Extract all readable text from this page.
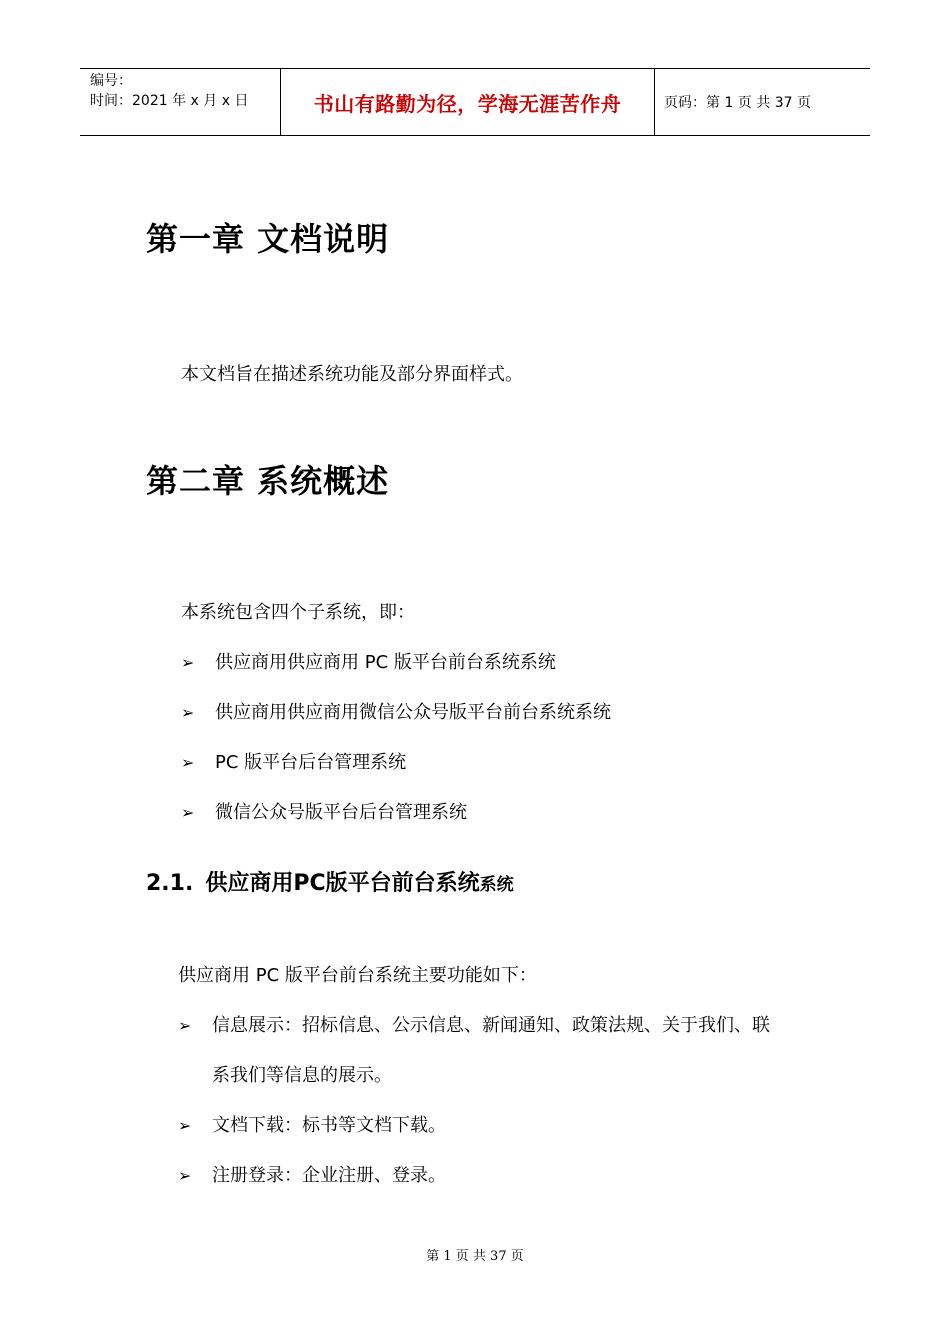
编号：
时间：2021 年 x 月 x 日	书山有路勤为径，学海无涯苦作舟	页码：第 1 页 共 37 页
第一章 文档说明
本文档旨在描述系统功能及部分界面样式。
第二章 系统概述
本系统包含四个子系统，即：
➢	供应商用供应商用 PC 版平台前台系统系统
➢	供应商用供应商用微信公众号版平台前台系统系统
➢	PC 版平台后台管理系统
➢	微信公众号版平台后台管理系统
2.1. 供应商用PC版平台前台系统系统
供应商用 PC 版平台前台系统主要功能如下：
➢	信息展示：招标信息、公示信息、新闻通知、政策法规、关于我们、联
系我们等信息的展示。
➢	文档下载：标书等文档下载。
➢	注册登录：企业注册、登录。
第 1 页 共 37 页
